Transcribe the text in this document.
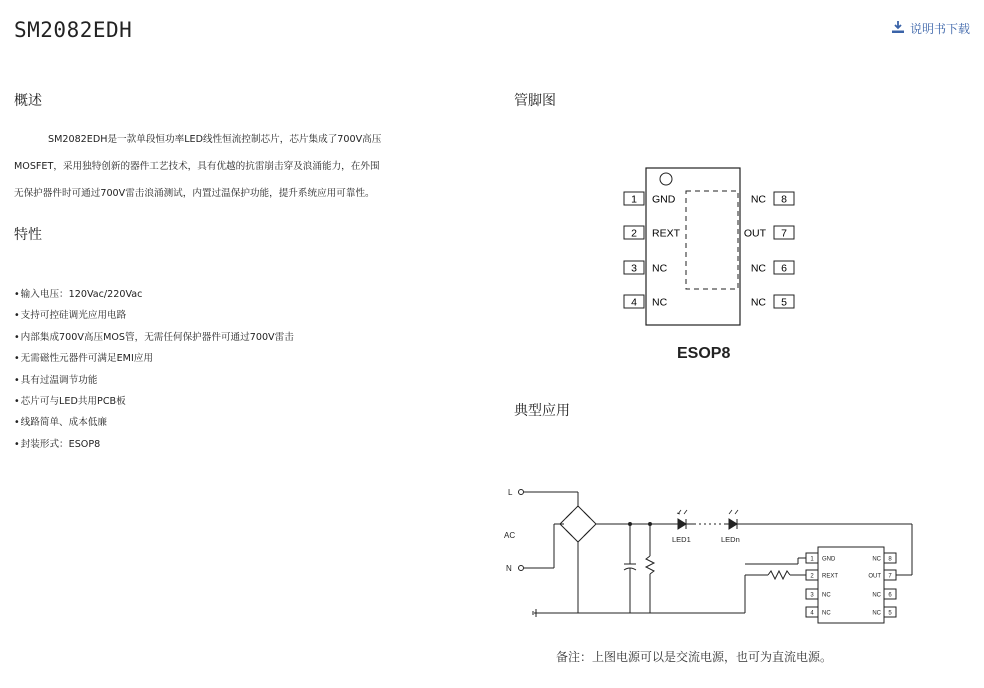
SM2082EDH	说明书下载
概述
SM2082EDH是一款单段恒功率LED线性恒流控制芯片，芯片集成了700V高压
MOSFET，采用独特创新的器件工艺技术，具有优越的抗雷崩击穿及浪涌能力，在外围
无保护器件时可通过700V雷击浪涌测试，内置过温保护功能，提升系统应用可靠性。
特性
• 输入电压：120Vac/220Vac
• 支持可控硅调光应用电路
• 内部集成700V高压MOS管，无需任何保护器件可通过700V雷击
• 无需磁性元器件可满足EMI应用
• 具有过温调节功能
• 芯片可与LED共用PCB板
• 线路简单、成本低廉
• 封装形式：ESOP8
管脚图
1 GND
2 REXT
3 NC
4 NC
8
NC
7
OUT
6
NC
5
NC
ESOP8
典型应用
L
AC
N
LED1	LEDn
1 GND
2 REXT
3 NC
4 NC
8
NC
7
OUT
6
NC
5
NC
备注：上图电源可以是交流电源，也可为直流电源。
